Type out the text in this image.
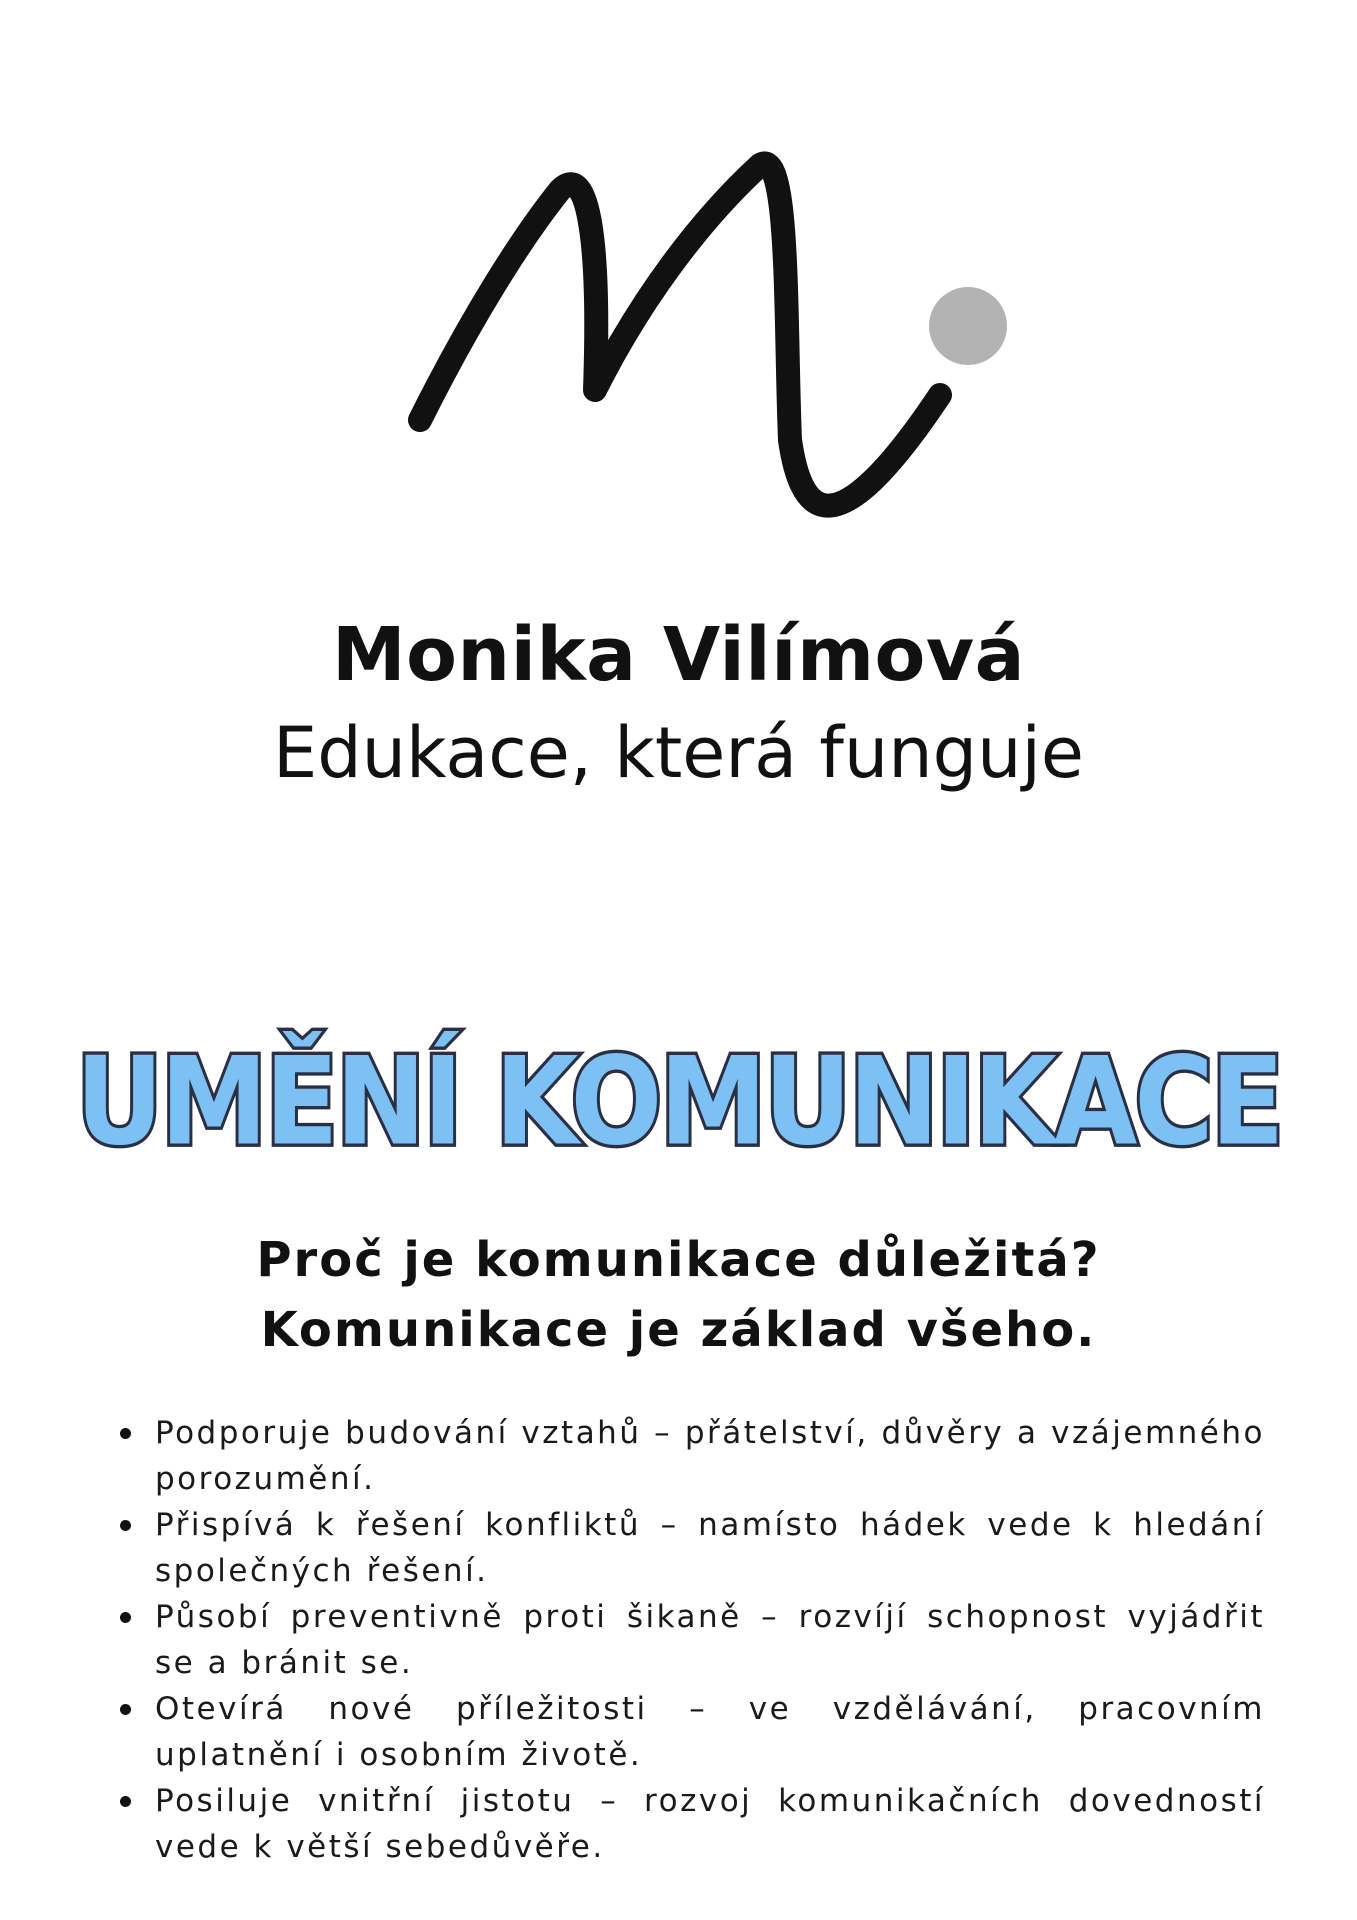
Monika Vilímová
Edukace, která funguje
UMĚNÍ KOMUNIKACE
Proč je komunikace důležitá?
Komunikace je základ všeho.
Podporuje budování vztahů – přátelství, důvěry a vzájemného porozumění.
Přispívá k řešení konfliktů – namísto hádek vede k hledání společných řešení.
Působí preventivně proti šikaně – rozvíjí schopnost vyjádřit se a bránit se.
Otevírá nové příležitosti – ve vzdělávání, pracovním uplatnění i osobním životě.
Posiluje vnitřní jistotu – rozvoj komunikačních dovedností vede k větší sebedůvěře.
